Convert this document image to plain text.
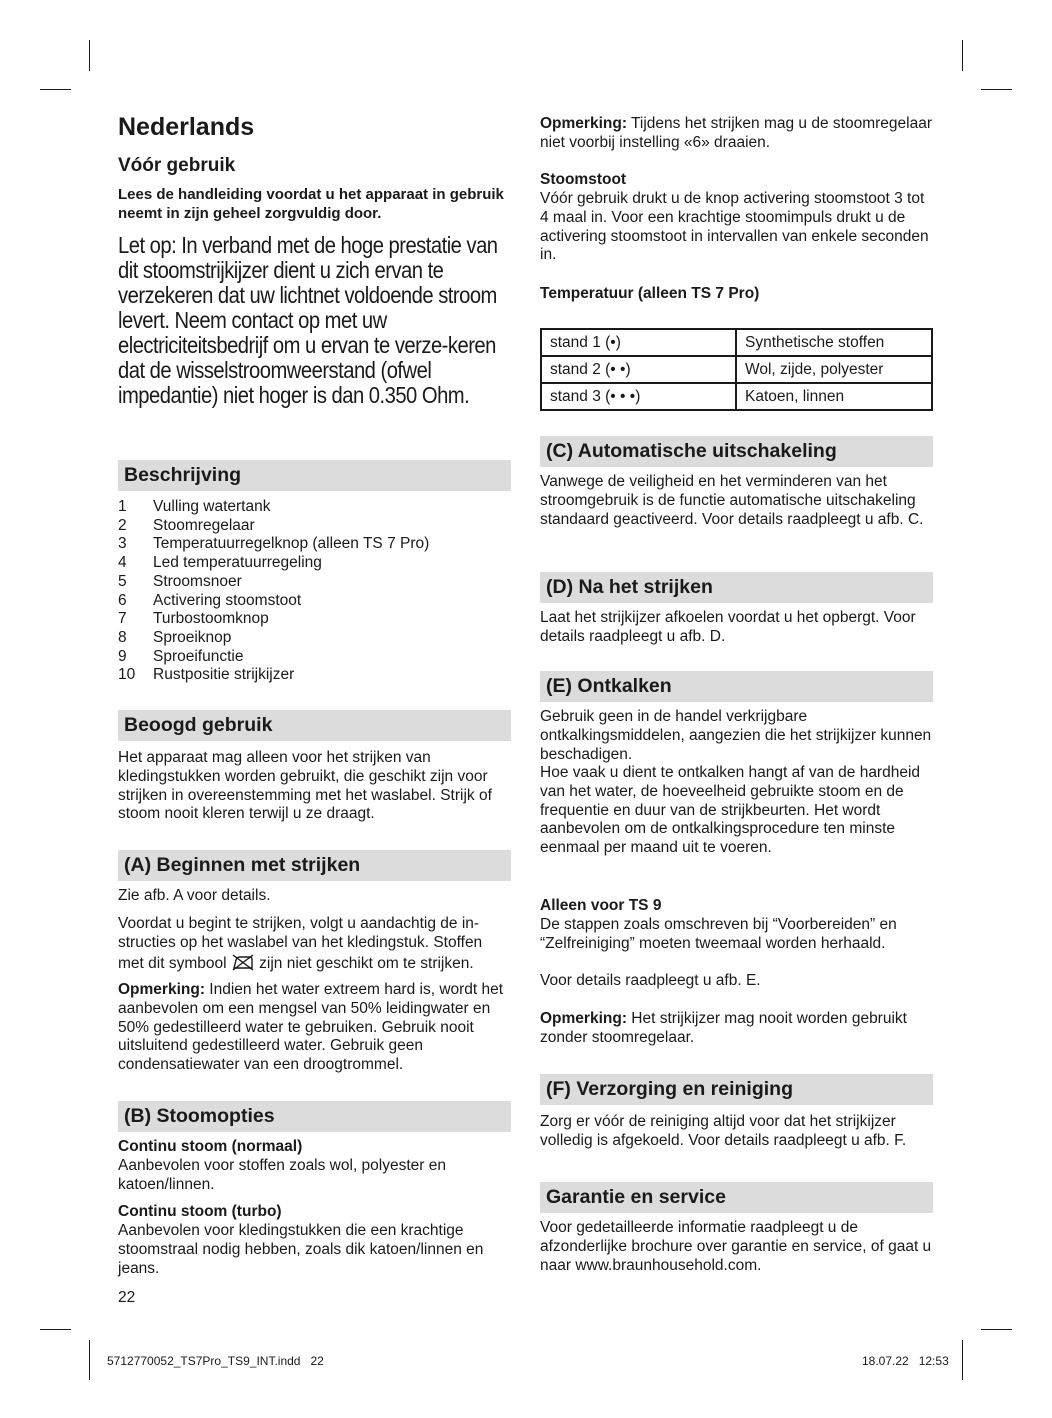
Nederlands
Vóór gebruik
Lees de handleiding voordat u het apparaat in gebruik neemt in zijn geheel zorgvuldig door.
Let op: In verband met de hoge prestatie van dit stoomstrijkijzer dient u zich ervan te verzekeren dat uw lichtnet voldoende stroom levert. Neem contact op met uw electriciteitsbedrijf om u ervan te verze-keren dat de wisselstroomweerstand (ofwel impedantie) niet hoger is dan 0.350 Ohm.
Beschrijving
1	Vulling watertank
2	Stoomregelaar
3	Temperatuurregelknop (alleen TS 7 Pro)
4	Led temperatuurregeling
5	Stroomsnoer
6	Activering stoomstoot
7	Turbostoomknop
8	Sproeiknop
9	Sproeifunctie
10	Rustpositie strijkijzer
Beoogd gebruik
Het apparaat mag alleen voor het strijken van kledingstukken worden gebruikt, die geschikt zijn voor strijken in overeenstemming met het waslabel. Strijk of stoom nooit kleren terwijl u ze draagt.
(A) Beginnen met strijken
Zie afb. A voor details.
Voordat u begint te strijken, volgt u aandachtig de in-structies op het waslabel van het kledingstuk. Stoffen met dit symbool zijn niet geschikt om te strijken.
Opmerking: Indien het water extreem hard is, wordt het aanbevolen om een mengsel van 50% leidingwater en 50% gedestilleerd water te gebruiken. Gebruik nooit uitsluitend gedestilleerd water. Gebruik geen condensatiewater van een droogtrommel.
(B) Stoomopties
Continu stoom (normaal)
Aanbevolen voor stoffen zoals wol, polyester en katoen/linnen.
Continu stoom (turbo)
Aanbevolen voor kledingstukken die een krachtige stoomstraal nodig hebben, zoals dik katoen/linnen en jeans.
22
Opmerking: Tijdens het strijken mag u de stoomregelaar niet voorbij instelling «6» draaien.
Stoomstoot
Vóór gebruik drukt u de knop activering stoomstoot 3 tot 4 maal in. Voor een krachtige stoomimpuls drukt u de activering stoomstoot in intervallen van enkele seconden in.
Temperatuur (alleen TS 7 Pro)
stand 1 (•)	Synthetische stoffen
stand 2 (• •)	Wol, zijde, polyester
stand 3 (• • •)	Katoen, linnen
(C) Automatische uitschakeling
Vanwege de veiligheid en het verminderen van het stroomgebruik is de functie automatische uitschakeling standaard geactiveerd. Voor details raadpleegt u afb. C.
(D) Na het strijken
Laat het strijkijzer afkoelen voordat u het opbergt. Voor details raadpleegt u afb. D.
(E) Ontkalken
Gebruik geen in de handel verkrijgbare ontkalkingsmiddelen, aangezien die het strijkijzer kunnen beschadigen.
Hoe vaak u dient te ontkalken hangt af van de hardheid van het water, de hoeveelheid gebruikte stoom en de frequentie en duur van de strijkbeurten. Het wordt aanbevolen om de ontkalkingsprocedure ten minste eenmaal per maand uit te voeren.
Alleen voor TS 9
De stappen zoals omschreven bij “Voorbereiden” en “Zelfreiniging” moeten tweemaal worden herhaald.
Voor details raadpleegt u afb. E.
Opmerking: Het strijkijzer mag nooit worden gebruikt zonder stoomregelaar.
(F) Verzorging en reiniging
Zorg er vóór de reiniging altijd voor dat het strijkijzer volledig is afgekoeld. Voor details raadpleegt u afb. F.
Garantie en service
Voor gedetailleerde informatie raadpleegt u de afzonderlijke brochure over garantie en service, of gaat u naar www.braunhousehold.com.
5712770052_TS7Pro_TS9_INT.indd   22	18.07.22   12:53
